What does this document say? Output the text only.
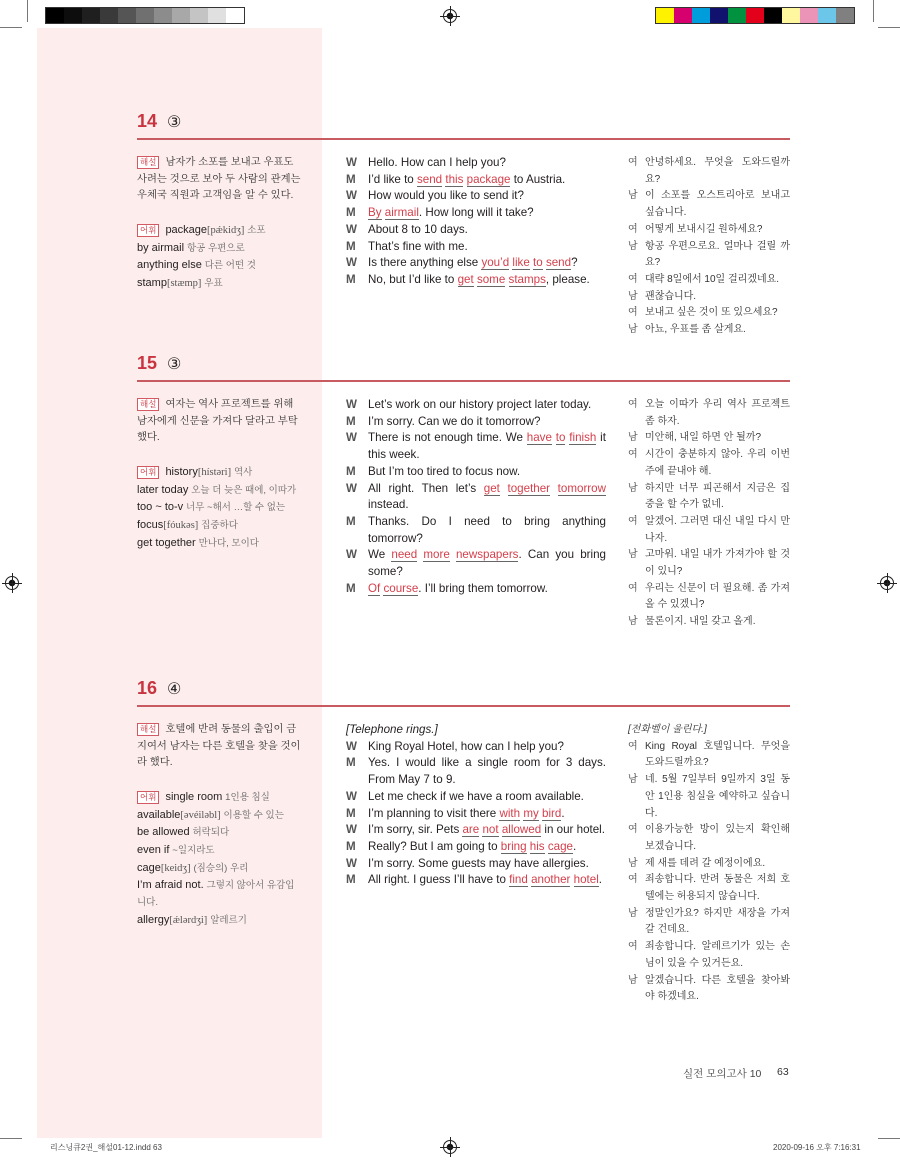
14 ③
해설 남자가 소포를 보내고 우표도 사려는 것으로 보아 두 사람의 관계는 우체국 직원과 고객임을 알 수 있다.
어휘 package[pǽkidʒ] 소포
by airmail 항공 우편으로
anything else 다른 어떤 것
stamp[stæmp] 우표
W Hello. How can I help you?
M	I’d like to send this package to Austria.
W How would you like to send it?
M	By airmail. How long will it take?
W About 8 to 10 days.
M	That’s fine with me.
W Is there anything else you’d like to send?
M	No, but I’d like to get some stamps, please.
여 안녕하세요. 무엇을 도와드릴까요?
남 이 소포를 오스트리아로 보내고 싶습니다.
여 어떻게 보내시길 원하세요?
남 항공 우편으로요. 얼마나 걸릴 까요?
여 대략 8일에서 10일 걸리겠네요.
남 괜찮습니다.
여 보내고 싶은 것이 또 있으세요?
남 아뇨, 우표를 좀 살게요.
15 ③
해설 여자는 역사 프로젝트를 위해 남자에게 신문을 가져다 달라고 부탁했다.
어휘 history[hístəri] 역사
later today 오늘 더 늦은 때에, 이따가
too ~ to-v 너무 ~해서 …할 수 없는
focus[fóukəs] 집중하다
get together 만나다, 모이다
W Let’s work on our history project later today.
M	I’m sorry. Can we do it tomorrow?
W There is not enough time. We have to finish it this week.
M	But I’m too tired to focus now.
W All right. Then let’s get together tomorrow instead.
M	Thanks. Do I need to bring anything tomorrow?
W We need more newspapers. Can you bring some?
M	Of course. I’ll bring them tomorrow.
여 오늘 이따가 우리 역사 프로젝트 좀 하자.
남 미안해, 내일 하면 안 될까?
여 시간이 충분하지 않아. 우리 이번 주에 끝내야 해.
남 하지만 너무 피곤해서 지금은 집중을 할 수가 없네.
여 알겠어. 그러면 대신 내일 다시 만나자.
남 고마워. 내일 내가 가져가야 할 것이 있니?
여 우리는 신문이 더 필요해. 좀 가져올 수 있겠니?
남 물론이지. 내일 갖고 올게.
16 ④
해설 호텔에 반려 동물의 출입이 금지여서 남자는 다른 호텔을 찾을 것이라 했다.
어휘 single room 1인용 침실
available[əvéiləbl] 이용할 수 있는
be allowed 허락되다
even if ~일지라도
cage[keidʒ] (짐승의) 우리
I’m afraid not. 그렇지 않아서 유감입니다.
allergy[ǽlərdʒi] 알레르기
[Telephone rings.]
W King Royal Hotel, how can I help you?
M	Yes. I would like a single room for 3 days. From May 7 to 9.
W Let me check if we have a room available.
M	I’m planning to visit there with my bird.
W I’m sorry, sir. Pets are not allowed in our hotel.
M	Really? But I am going to bring his cage.
W I’m sorry. Some guests may have allergies.
M	All right. I guess I’ll have to find another hotel.
[전화벨이 울린다.]
여 King Royal 호텔입니다. 무엇을 도와드릴까요?
남 네. 5월 7일부터 9일까지 3일 동안 1인용 침실을 예약하고 싶습니다.
여 이용가능한 방이 있는지 확인해 보겠습니다.
남 제 새를 데려 갈 예정이에요.
여 죄송합니다. 반려 동물은 저희 호텔에는 허용되지 않습니다.
남 정말인가요? 하지만 새장을 가져갈 건데요.
여 죄송합니다. 알레르기가 있는 손님이 있을 수 있거든요.
남 알겠습니다. 다른 호텔을 찾아봐야 하겠네요.
실전 모의고사 10 63
리스닝큐2권_해설01-12.indd 63	2020-09-16 오후 7:16:31
